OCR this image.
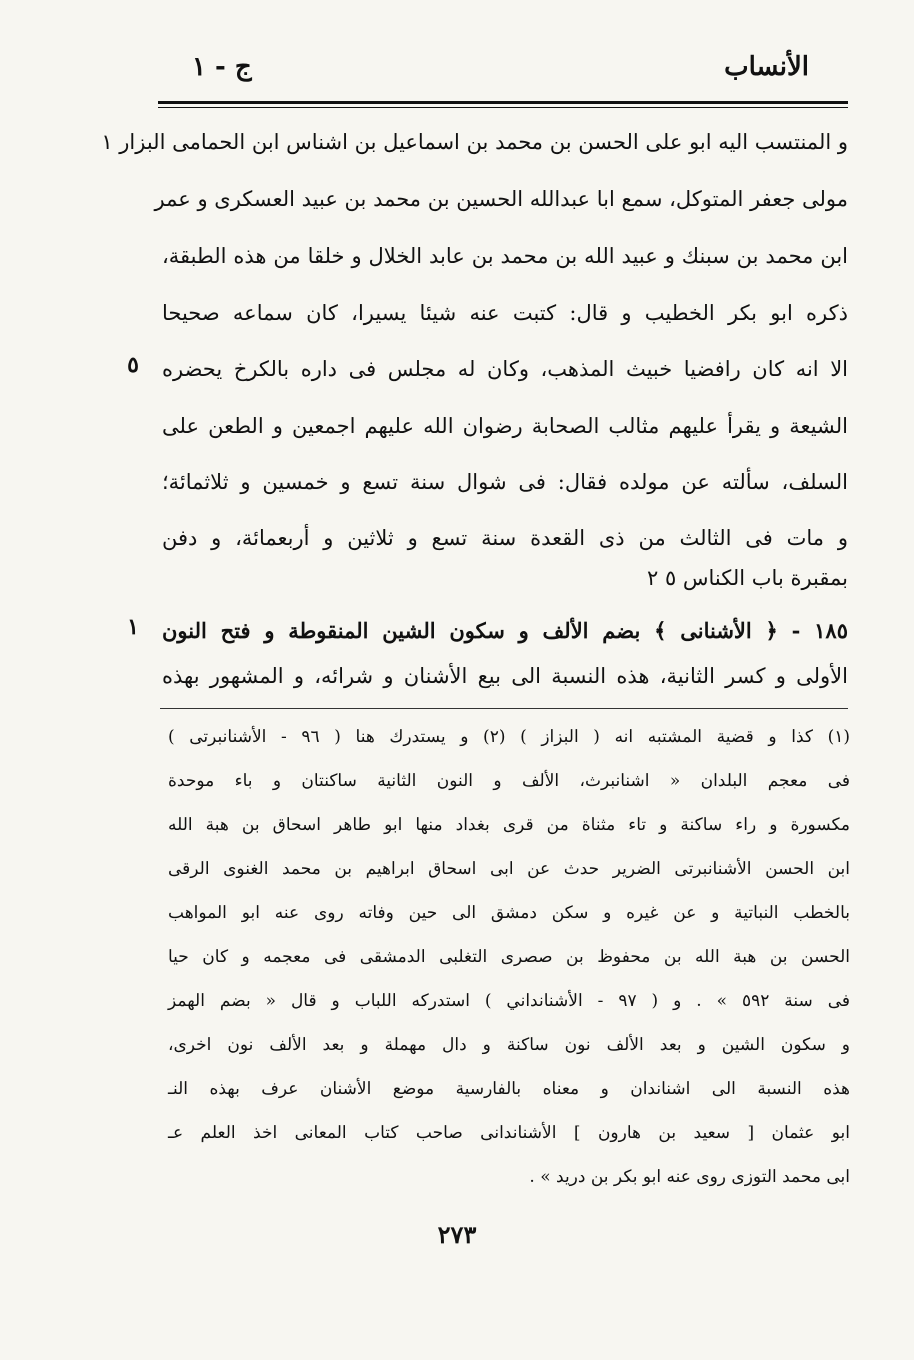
الأنساب
ج - ١
و المنتسب اليه ابو على الحسن بن محمد بن اسماعيل بن اشناس ابن الحمامى البزار ۱
مولى جعفر المتوكل، سمع ابا عبدالله الحسين بن محمد بن عبيد العسكرى و عمر
ابن محمد بن سبنك و عبيد الله بن محمد بن عابد الخلال و خلقا من هذه الطبقة،
ذكره ابو بكر الخطيب و قال: كتبت عنه شيئا يسيرا، كان سماعه صحيحا
الا انه كان رافضيا خبيث المذهب، وكان له مجلس فى داره بالكرخ يحضره
الشيعة و يقرأ عليهم مثالب الصحابة رضوان الله عليهم اجمعين و الطعن على
السلف، سألته عن مولده فقال: فى شوال سنة تسع و خمسين و ثلاثمائة؛
و مات فى الثالث من ذى القعدة سنة تسع و ثلاثين و أربعمائة، و دفن
بمقبرة باب الكناس ٥ ٢
١٨٥ - ﴿ الأشنانى ﴾ بضم الألف و سكون الشين المنقوطة و فتح النون
الأولى و كسر الثانية، هذه النسبة الى بيع الأشنان و شرائه، و المشهور بهذه
٥
١
(١) كذا و قضية المشتبه انه ( البزاز ) (٢) و يستدرك هنا ( ٩٦ - الأشنانبرتى )
فى معجم البلدان « اشنانبرث، الألف و النون الثانية ساكنتان و باء موحدة
مكسورة و راء ساكنة و تاء مثناة من قرى بغداد منها ابو طاهر اسحاق بن هبة الله
ابن الحسن الأشنانبرتى الضرير حدث عن ابى اسحاق ابراهيم بن محمد الغنوى الرقى
بالخطب النباتية و عن غيره و سكن دمشق الى حين وفاته روى عنه ابو المواهب
الحسن بن هبة الله بن محفوظ بن صصرى التغلبى الدمشقى فى معجمه و كان حيا
فى سنة ٥٩٢ » . و ( ٩٧ - الأشنانداني ) استدركه اللباب و قال « بضم الهمز
و سكون الشين و بعد الألف نون ساكنة و دال مهملة و بعد الألف نون اخرى،
هذه النسبة الى اشناندان و معناه بالفارسية موضع الأشنان عرف بهذه النـ
ابو عثمان [ سعيد بن هارون ] الأشناندانى صاحب كتاب المعانى اخذ العلم عـ
ابى محمد التوزى روى عنه ابو بكر بن دريد » .
٢٧٣
